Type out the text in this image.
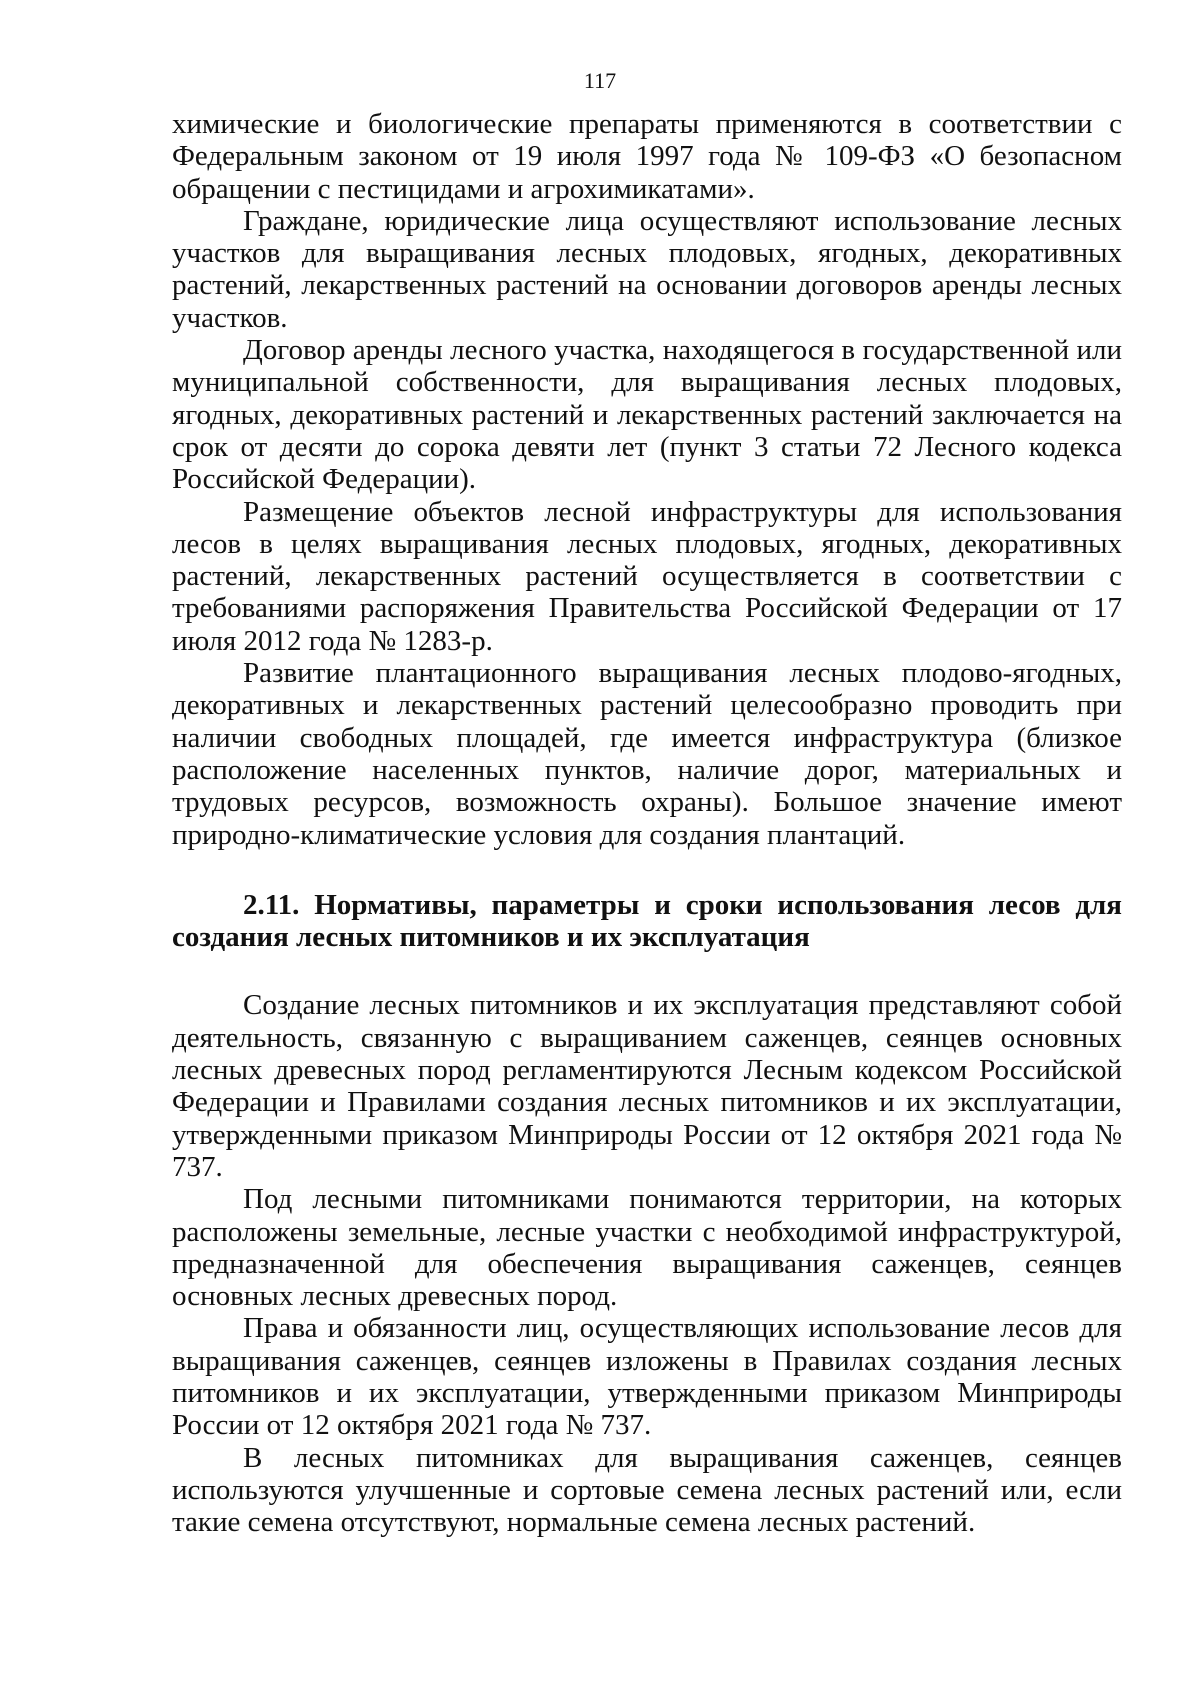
117

химические и биологические препараты применяются в соответствии с Федеральным законом от 19 июля 1997 года № 109-ФЗ «О безопасном обращении с пестицидами и агрохимикатами».

Граждане, юридические лица осуществляют использование лесных участков для выращивания лесных плодовых, ягодных, декоративных растений, лекарственных растений на основании договоров аренды лесных участков.

Договор аренды лесного участка, находящегося в государственной или муниципальной собственности, для выращивания лесных плодовых, ягодных, декоративных растений и лекарственных растений заключается на срок от десяти до сорока девяти лет (пункт 3 статьи 72 Лесного кодекса Российской Федерации).

Размещение объектов лесной инфраструктуры для использования лесов в целях выращивания лесных плодовых, ягодных, декоративных растений, лекарственных растений осуществляется в соответствии с требованиями распоряжения Правительства Российской Федерации от 17 июля 2012 года № 1283-р.

Развитие плантационного выращивания лесных плодово-ягодных, декоративных и лекарственных растений целесообразно проводить при наличии свободных площадей, где имеется инфраструктура (близкое расположение населенных пунктов, наличие дорог, материальных и трудовых ресурсов, возможность охраны). Большое значение имеют природно-климатические условия для создания плантаций.

2.11. Нормативы, параметры и сроки использования лесов для создания лесных питомников и их эксплуатация

Создание лесных питомников и их эксплуатация представляют собой деятельность, связанную с выращиванием саженцев, сеянцев основных лесных древесных пород регламентируются Лесным кодексом Российской Федерации и Правилами создания лесных питомников и их эксплуатации, утвержденными приказом Минприроды России от 12 октября 2021 года № 737.

Под лесными питомниками понимаются территории, на которых расположены земельные, лесные участки с необходимой инфраструктурой, предназначенной для обеспечения выращивания саженцев, сеянцев основных лесных древесных пород.

Права и обязанности лиц, осуществляющих использование лесов для выращивания саженцев, сеянцев изложены в Правилах создания лесных питомников и их эксплуатации, утвержденными приказом Минприроды России от 12 октября 2021 года № 737.

В лесных питомниках для выращивания саженцев, сеянцев используются улучшенные и сортовые семена лесных растений или, если такие семена отсутствуют, нормальные семена лесных растений.
